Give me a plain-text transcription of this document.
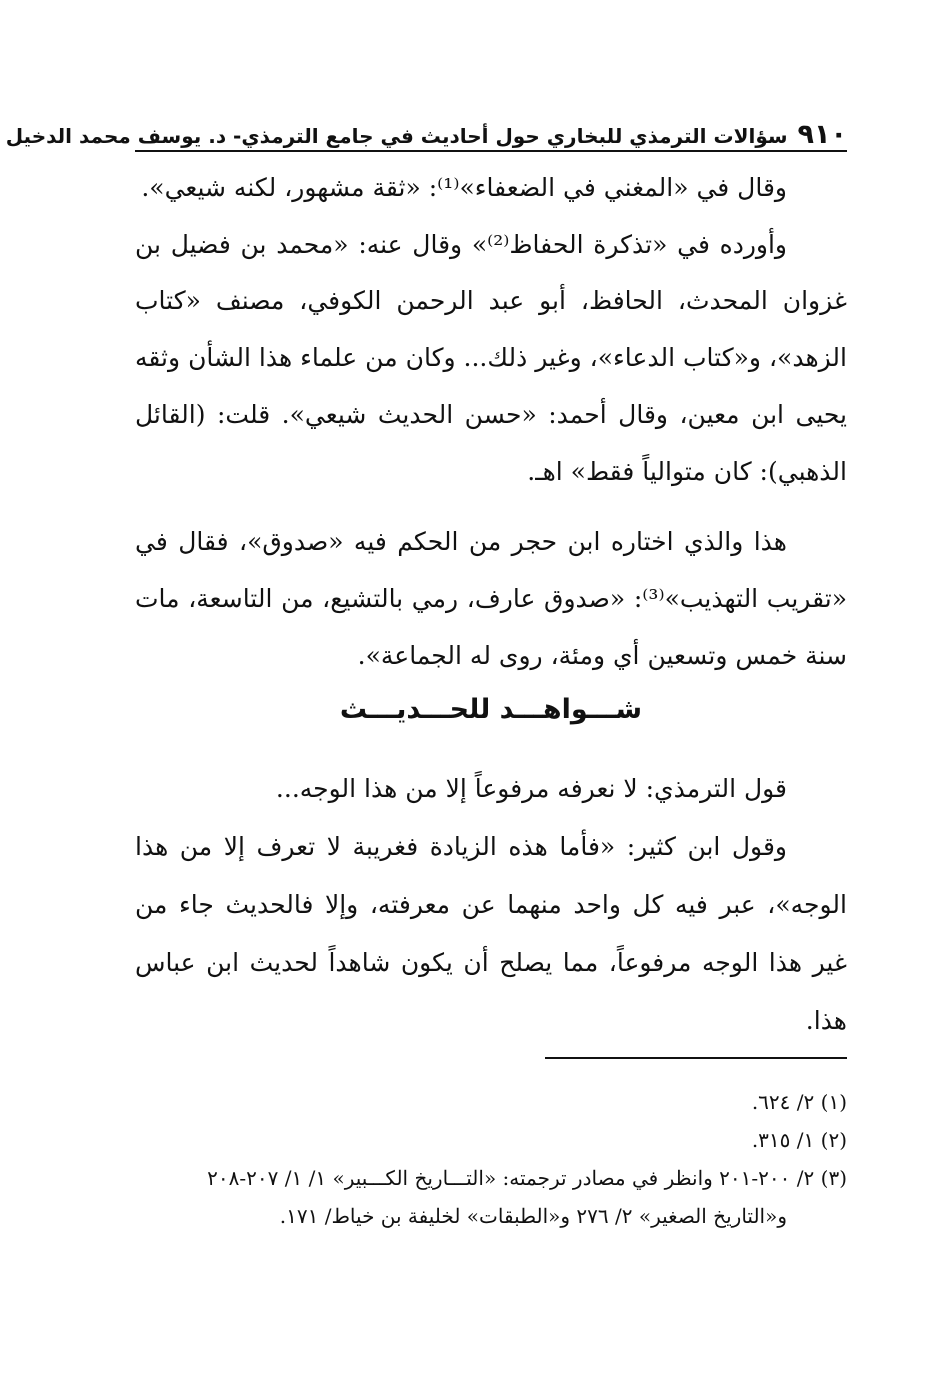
٩١٠
سؤالات الترمذي للبخاري حول أحاديث في جامع الترمذي- د. يوسف محمد الدخيل

وقال في «المغني في الضعفاء»⁽¹⁾: «ثقة مشهور، لكنه شيعي».

وأورده في «تذكرة الحفاظ⁽²⁾» وقال عنه: «محمد بن فضيل بن غزوان المحدث، الحافظ، أبو عبد الرحمن الكوفي، مصنف «كتاب الزهد»، و«كتاب الدعاء»، وغير ذلك... وكان من علماء هذا الشأن وثقه يحيى ابن معين، وقال أحمد: «حسن الحديث شيعي». قلت: (القائل الذهبي): كان متوالياً فقط» اهـ.

هذا والذي اختاره ابن حجر من الحكم فيه «صدوق»، فقال في «تقريب التهذيب»⁽³⁾: «صدوق عارف، رمي بالتشيع، من التاسعة، مات سنة خمس وتسعين أي ومئة، روى له الجماعة».

شـــواهـــد للحـــديـــث

قول الترمذي: لا نعرفه مرفوعاً إلا من هذا الوجه...

وقول ابن كثير: «فأما هذه الزيادة فغريبة لا تعرف إلا من هذا الوجه»، عبر فيه كل واحد منهما عن معرفته، وإلا فالحديث جاء من غير هذا الوجه مرفوعاً، مما يصلح أن يكون شاهداً لحديث ابن عباس هذا.

(١) ٢/ ٦٢٤.
(٢) ١/ ٣١٥.
(٣) ٢/ ٢٠٠-٢٠١ وانظر في مصادر ترجمته: «التـــاريخ الكـــبير» ١/ ١/ ٢٠٧-٢٠٨
و«التاريخ الصغير» ٢/ ٢٧٦ و«الطبقات» لخليفة بن خياط/ ١٧١.
